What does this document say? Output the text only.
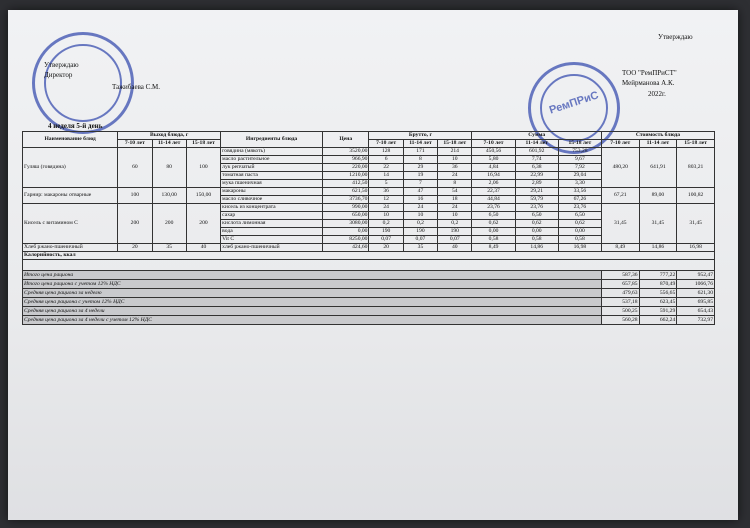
РемПРиС
Утверждаю
Директор
Тажибаева С.М.
4 неделя 5-й день
Утверждаю
ТОО "РемПРиСТ"
Мейрманова А.К.
2022г.
Наименование блюд	Выход блюда, г			Ингредиенты блюда	Цена	Брутто, г			Сумма			Стоимость блюда		
	7-10 лет	11-14 лет	15-18 лет			7-10 лет	11-14 лет	15-18 лет	7-10 лет	11-14 лет	15-18 лет	7-10 лет	11-14 лет	15-18 лет
Гуляш (говядина)	60	80	100	говядина (мякоть)	3520,00	128	171	214	450,56	601,92	753,28	480,20	641,91	803,21
				масло растительное	966,90	6	8	10	5,80	7,74	9,67			
				лук репчатый	220,00	22	29	36	4,84	6,38	7,92			
				томатная паста	1210,00	14	19	24	16,94	22,99	29,04			
				мука пшеничная	412,50	5	7	8	2,06	2,89	3,30			
Гарнир: макароны отварные	100	130,00	150,00	макароны	621,50	36	47	54	22,37	29,21	33,56	67,21	89,00	100,82
				масло сливочное	3736,70	12	16	18	44,84	59,79	67,26			
Кисель с витамином С	200	200	200	кисель из концентрата	990,00	24	24	24	23,76	23,76	23,76	31,45	31,45	31,45
				сахар	650,00	10	10	10	6,50	6,50	6,50			
				кислота лимонная	3080,00	0,2	0,2	0,2	0,62	0,62	0,62			
				вода	0,00	190	190	190	0,00	0,00	0,00			
				Vit C	8250,00	0,07	0,07	0,07	0,58	0,58	0,58			
Хлеб ржано-пшеничный	20	35	40	хлеб ржано-пшеничный	424,60	20	35	40	8,49	14,86	16,98	8,49	14,86	16,98
Калорийность, ккал														

Итого цена рациона												587,36	777,22	952,47
Итого цена рациона с учетом 12% НДС												657,85	870,49	1066,76
Средняя цена рациона за неделю												479,63	556,65	621,30
Средняя цена рациона с учетом 12% НДС												537,18	623,45	695,85
Средняя цена рациона за 4 недели												500,25	591,29	654,43
Средняя цена рациона за 4 недели с учетом 12% НДС												560,28	662,24	732,97
